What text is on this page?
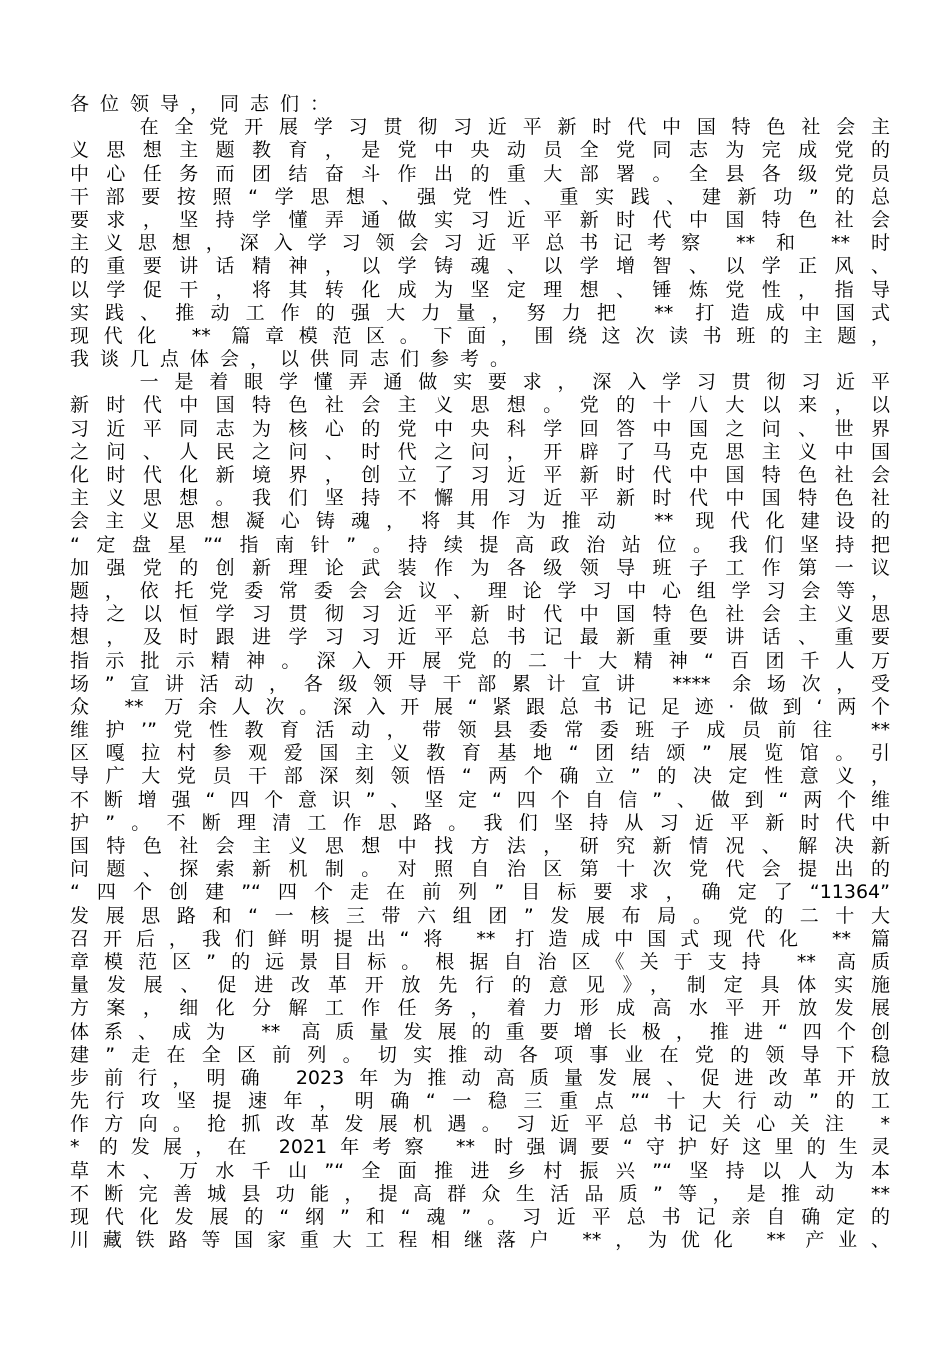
各位领导，同志们：
　　在全党开展学习贯彻习近平新时代中国特色社会主
义思想主题教育，是党中央动员全党同志为完成党的
中心任务而团结奋斗作出的重大部署。全县各级党员
干部要按照“学思想、强党性、重实践、建新功”的总
要求，坚持学懂弄通做实习近平新时代中国特色社会
主义思想，深入学习领会习近平总书记考察 ** 和 ** 时
的重要讲话精神，以学铸魂、以学增智、以学正风、
以学促干，将其转化成为坚定理想、锤炼党性，指导
实践、推动工作的强大力量，努力把 ** 打造成中国式
现代化 ** 篇章模范区。下面，围绕这次读书班的主题，
我谈几点体会，以供同志们参考。
　　一是着眼学懂弄通做实要求，深入学习贯彻习近平
新时代中国特色社会主义思想。党的十八大以来，以
习近平同志为核心的党中央科学回答中国之问、世界
之问、人民之问、时代之问，开辟了马克思主义中国
化时代化新境界，创立了习近平新时代中国特色社会
主义思想。我们坚持不懈用习近平新时代中国特色社
会主义思想凝心铸魂，将其作为推动 ** 现代化建设的
“定盘星”“指南针”。持续提高政治站位。我们坚持把
加强党的创新理论武装作为各级领导班子工作第一议
题，依托党委常委会会议、理论学习中心组学习会等，
持之以恒学习贯彻习近平新时代中国特色社会主义思
想，及时跟进学习习近平总书记最新重要讲话、重要
指示批示精神。深入开展党的二十大精神“百团千人万
场”宣讲活动，各级领导干部累计宣讲 **** 余场次，受
众 ** 万余人次。深入开展“紧跟总书记足迹·做到‘两个
维护’”党性教育活动，带领县委常委班子成员前往 **
区嘎拉村参观爱国主义教育基地“团结颂”展览馆。引
导广大党员干部深刻领悟“两个确立”的决定性意义，
不断增强“四个意识”、坚定“四个自信”、做到“两个维
护”。不断理清工作思路。我们坚持从习近平新时代中
国特色社会主义思想中找方法，研究新情况、解决新
问题、探索新机制。对照自治区第十次党代会提出的
“四个创建”“四个走在前列”目标要求，确定了“11364”
发展思路和“一核三带六组团”发展布局。党的二十大
召开后，我们鲜明提出“将 ** 打造成中国式现代化 ** 篇
章模范区”的远景目标。根据自治区《关于支持 ** 高质
量发展、促进改革开放先行的意见》，制定具体实施
方案，细化分解工作任务，着力形成高水平开放发展
体系、成为 ** 高质量发展的重要增长极，推进“四个创
建”走在全区前列。切实推动各项事业在党的领导下稳
步前行，明确 2023年为推动高质量发展、促进改革开放
先行攻坚提速年，明确“一稳三重点”“十大行动”的工
作方向。抢抓改革发展机遇。习近平总书记关心关注 *
* 的发展，在 2021年考察 ** 时强调要“守护好这里的生灵
草木、万水千山”“全面推进乡村振兴”“坚持以人为本
不断完善城县功能，提高群众生活品质”等，是推动 **
现代化发展的“纲”和“魂”。习近平总书记亲自确定的
川藏铁路等国家重大工程相继落户 **，为优化 ** 产业、
